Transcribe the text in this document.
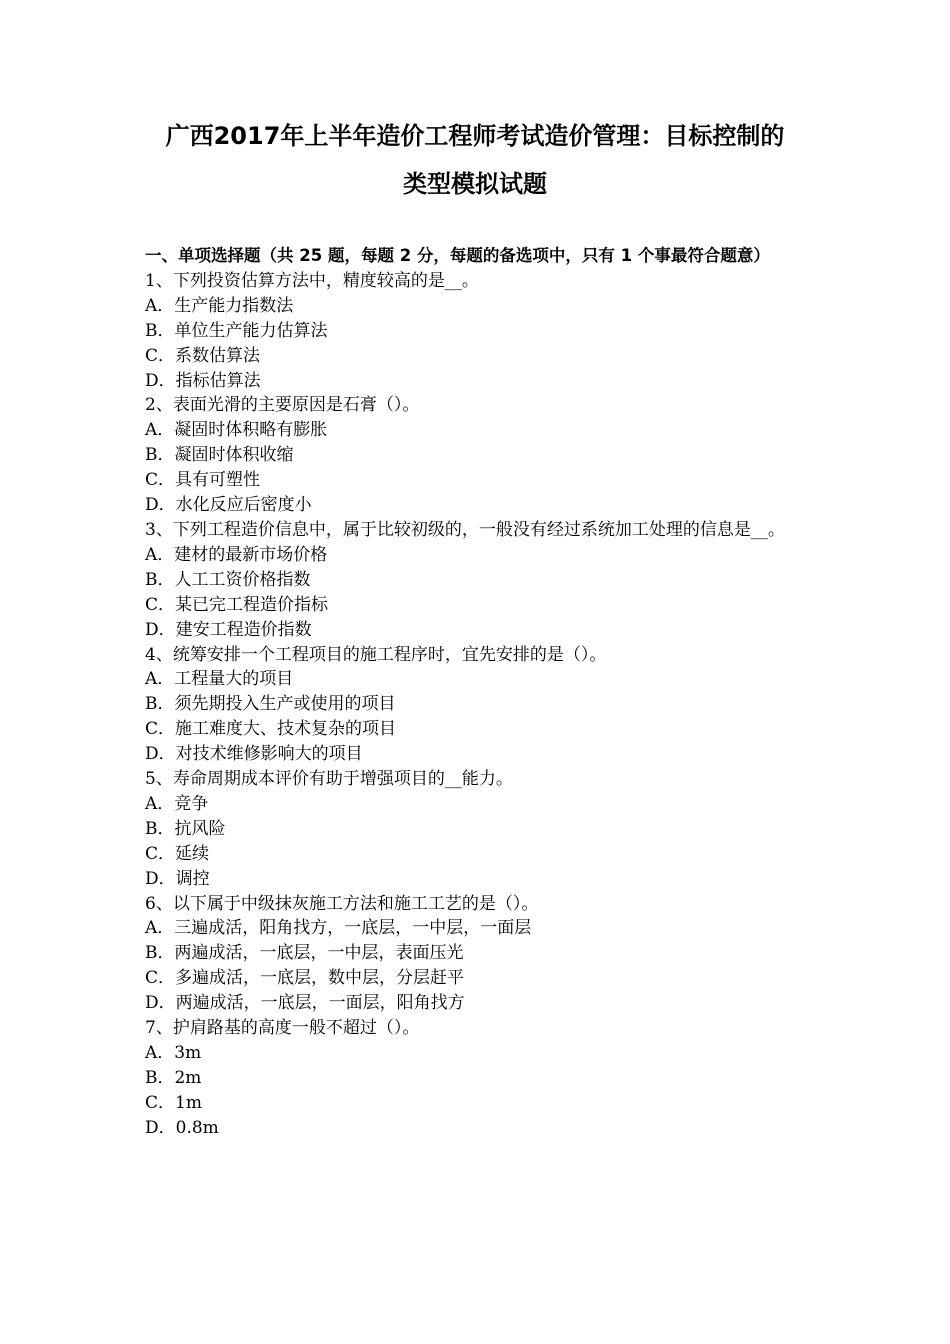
广西2017年上半年造价工程师考试造价管理：目标控制的
类型模拟试题
一、单项选择题（共 25 题，每题 2 分，每题的备选项中，只有 1 个事最符合题意）
1、下列投资估算方法中，精度较高的是__。
A．生产能力指数法
B．单位生产能力估算法
C．系数估算法
D．指标估算法
2、表面光滑的主要原因是石膏（）。
A．凝固时体积略有膨胀
B．凝固时体积收缩
C．具有可塑性
D．水化反应后密度小
3、下列工程造价信息中，属于比较初级的，一般没有经过系统加工处理的信息是__。
A．建材的最新市场价格
B．人工工资价格指数
C．某已完工程造价指标
D．建安工程造价指数
4、统筹安排一个工程项目的施工程序时，宜先安排的是（）。
A．工程量大的项目
B．须先期投入生产或使用的项目
C．施工难度大、技术复杂的项目
D．对技术维修影响大的项目
5、寿命周期成本评价有助于增强项目的__能力。
A．竞争
B．抗风险
C．延续
D．调控
6、以下属于中级抹灰施工方法和施工工艺的是（）。
A．三遍成活，阳角找方，一底层，一中层，一面层
B．两遍成活，一底层，一中层，表面压光
C．多遍成活，一底层，数中层，分层赶平
D．两遍成活，一底层，一面层，阳角找方
7、护肩路基的高度一般不超过（）。
A．3m
B．2m
C．1m
D．0.8m
